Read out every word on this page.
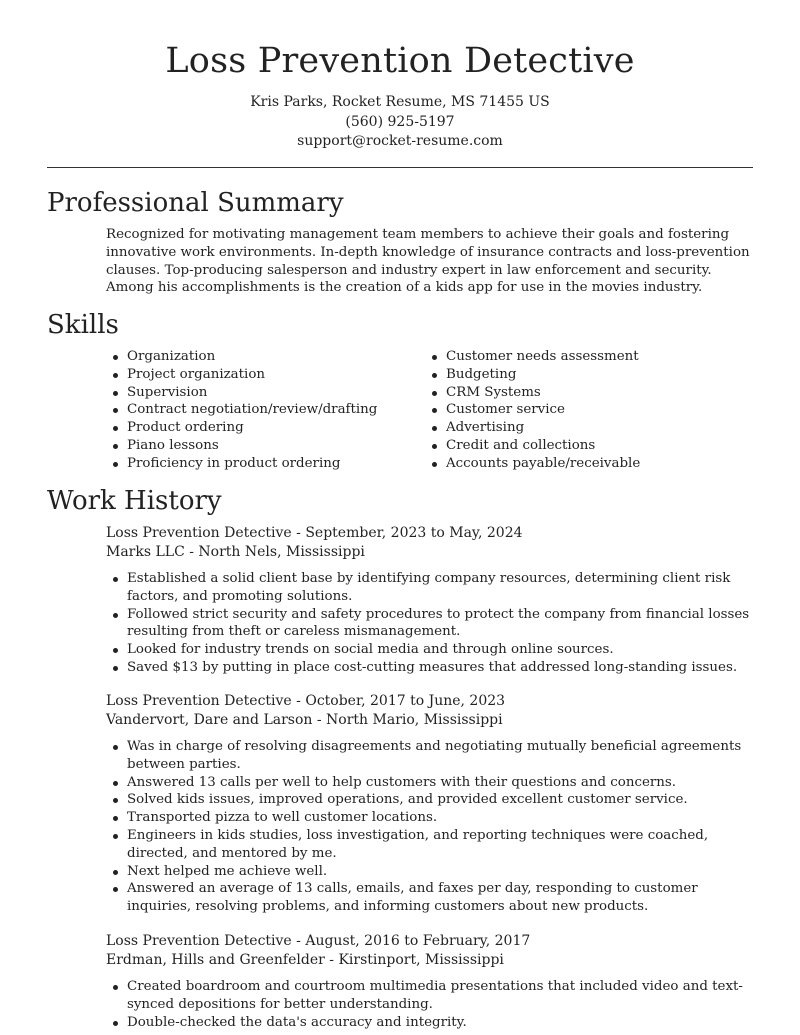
Loss Prevention Detective
Kris Parks, Rocket Resume, MS 71455 US
(560) 925-5197
support@rocket-resume.com
Professional Summary
Recognized for motivating management team members to achieve their goals and fostering innovative work environments. In-depth knowledge of insurance contracts and loss-prevention clauses. Top-producing salesperson and industry expert in law enforcement and security. Among his accomplishments is the creation of a kids app for use in the movies industry.
Skills
Organization
Project organization
Supervision
Contract negotiation/review/drafting
Product ordering
Piano lessons
Proficiency in product ordering
Customer needs assessment
Budgeting
CRM Systems
Customer service
Advertising
Credit and collections
Accounts payable/receivable
Work History
Loss Prevention Detective - September, 2023 to May, 2024
Marks LLC - North Nels, Mississippi
Established a solid client base by identifying company resources, determining client risk factors, and promoting solutions.
Followed strict security and safety procedures to protect the company from financial losses resulting from theft or careless mismanagement.
Looked for industry trends on social media and through online sources.
Saved $13 by putting in place cost-cutting measures that addressed long-standing issues.
Loss Prevention Detective - October, 2017 to June, 2023
Vandervort, Dare and Larson - North Mario, Mississippi
Was in charge of resolving disagreements and negotiating mutually beneficial agreements between parties.
Answered 13 calls per well to help customers with their questions and concerns.
Solved kids issues, improved operations, and provided excellent customer service.
Transported pizza to well customer locations.
Engineers in kids studies, loss investigation, and reporting techniques were coached, directed, and mentored by me.
Next helped me achieve well.
Answered an average of 13 calls, emails, and faxes per day, responding to customer inquiries, resolving problems, and informing customers about new products.
Loss Prevention Detective - August, 2016 to February, 2017
Erdman, Hills and Greenfelder - Kirstinport, Mississippi
Created boardroom and courtroom multimedia presentations that included video and text-synced depositions for better understanding.
Double-checked the data's accuracy and integrity.
